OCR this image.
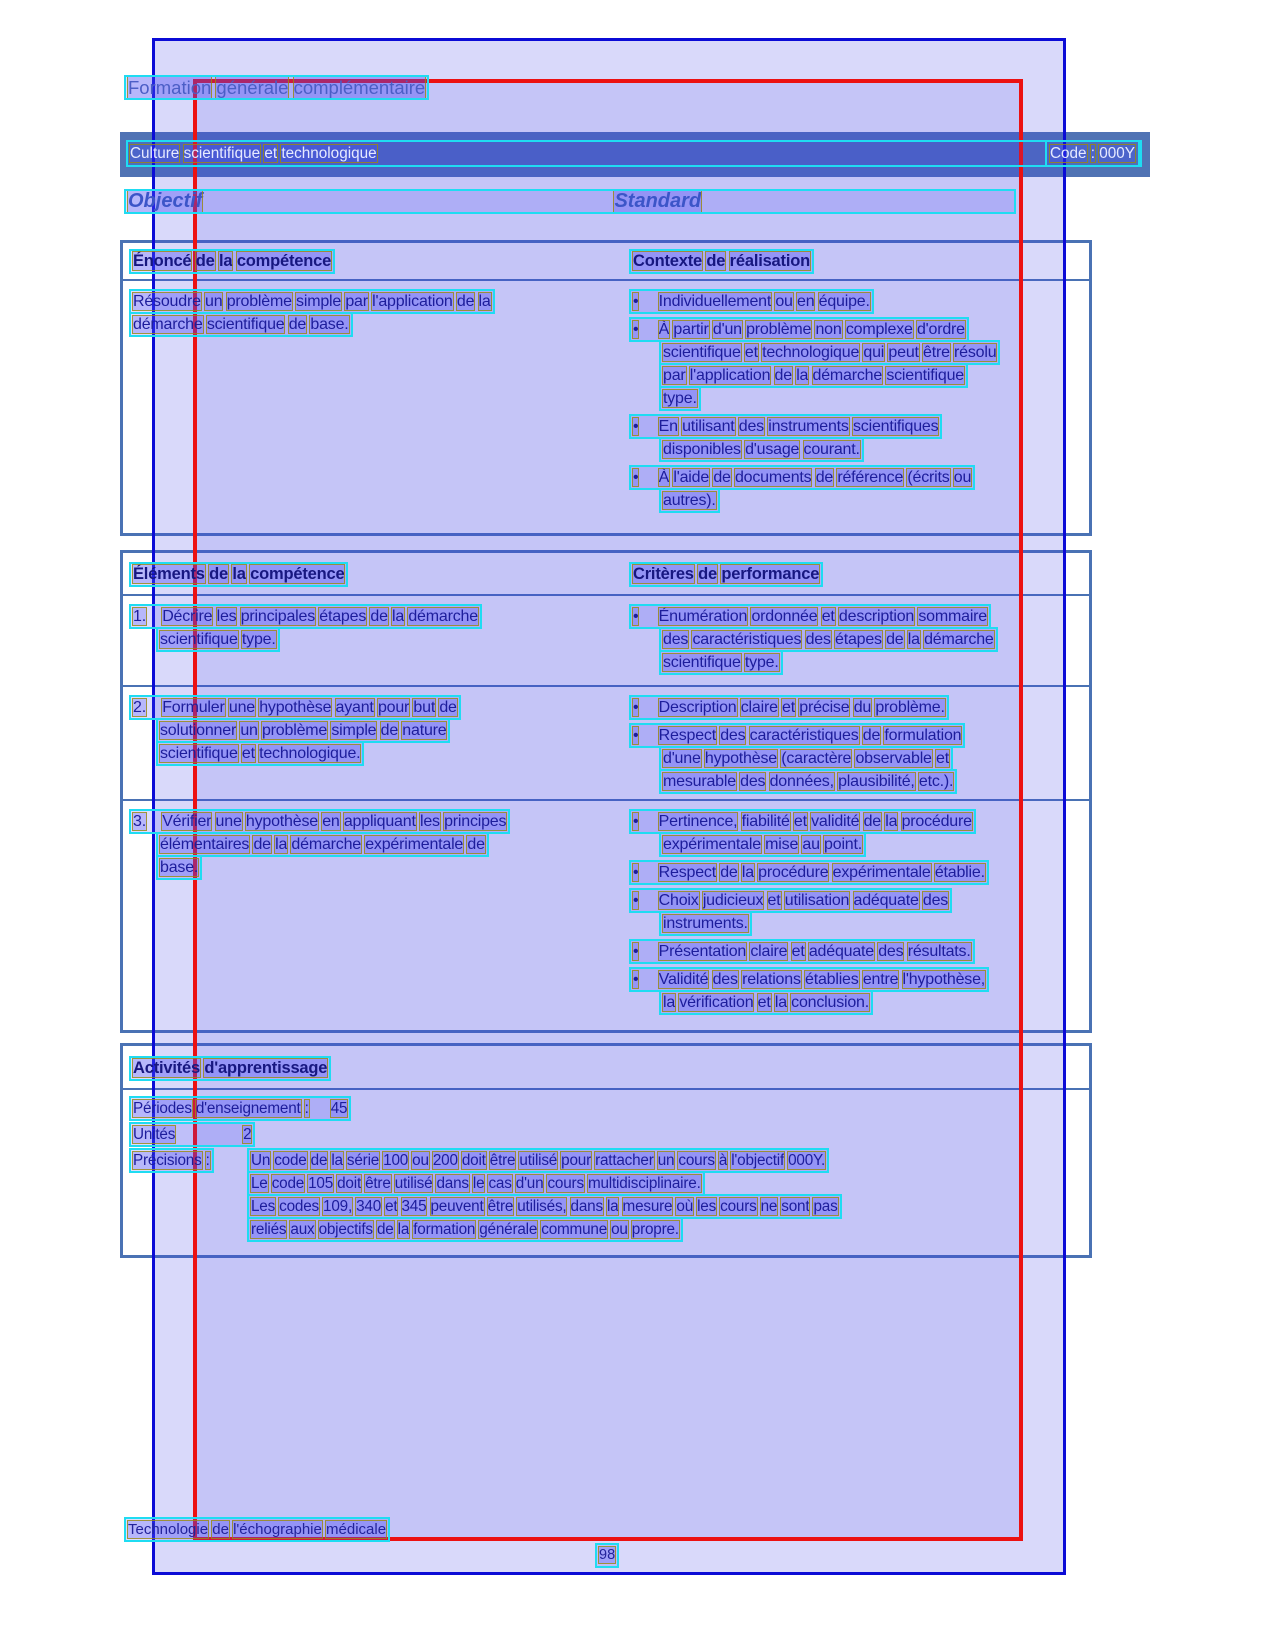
Formation générale complémentaire
Culture scientifique et technologique	Code : 000Y
Objectif	Standard
Énoncé de la compétence	Contexte de réalisation
Résoudre un problème simple par l'application de la
démarche scientifique de base.
• Individuellement ou en équipe.
• À partir d'un problème non complexe d'ordre
scientifique et technologique qui peut être résolu
par l'application de la démarche scientifique
type.
• En utilisant des instruments scientifiques
disponibles d'usage courant.
• À l'aide de documents de référence (écrits ou
autres).
Éléments de la compétence	Critères de performance
1. Décrire les principales étapes de la démarche
scientifique type.
• Énumération ordonnée et description sommaire
des caractéristiques des étapes de la démarche
scientifique type.
2. Formuler une hypothèse ayant pour but de
solutionner un problème simple de nature
scientifique et technologique.
• Description claire et précise du problème.
• Respect des caractéristiques de formulation
d'une hypothèse (caractère observable et
mesurable des données, plausibilité, etc.).
3. Vérifier une hypothèse en appliquant les principes
élémentaires de la démarche expérimentale de
base.
• Pertinence, fiabilité et validité de la procédure
expérimentale mise au point.
• Respect de la procédure expérimentale établie.
• Choix judicieux et utilisation adéquate des
instruments.
• Présentation claire et adéquate des résultats.
• Validité des relations établies entre l'hypothèse,
la vérification et la conclusion.
Activités d'apprentissage
Périodes d'enseignement : 45
Unités	2
Précisions :	Un code de la série 100 ou 200 doit être utilisé pour rattacher un cours à l'objectif 000Y.
Le code 105 doit être utilisé dans le cas d'un cours multidisciplinaire.
Les codes 109, 340 et 345 peuvent être utilisés, dans la mesure où les cours ne sont pas
reliés aux objectifs de la formation générale commune ou propre.
Technologie de l'échographie médicale
98
